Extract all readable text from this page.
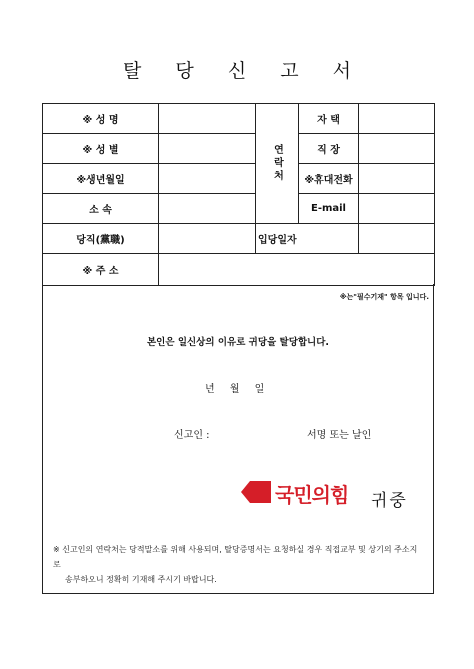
탈 당 신 고 서
※ 성 명		연락처	자 택	
※ 성 별			직 장	
※생년월일			※휴대전화	
소 속			E-mail	
당직(黨職)		입당일자		
※ 주 소				
※는"필수기재" 항목 입니다.
본인은 일신상의 이유로 귀당을 탈당합니다.
년 월 일
신고인 :	서명 또는 날인
국민의힘 귀중
※ 신고인의 연락처는 당적말소를 위해 사용되며, 탈당증명서는 요청하실 경우 직접교부 및 상기의 주소지로
송부하오니 정확히 기재해 주시기 바랍니다.
